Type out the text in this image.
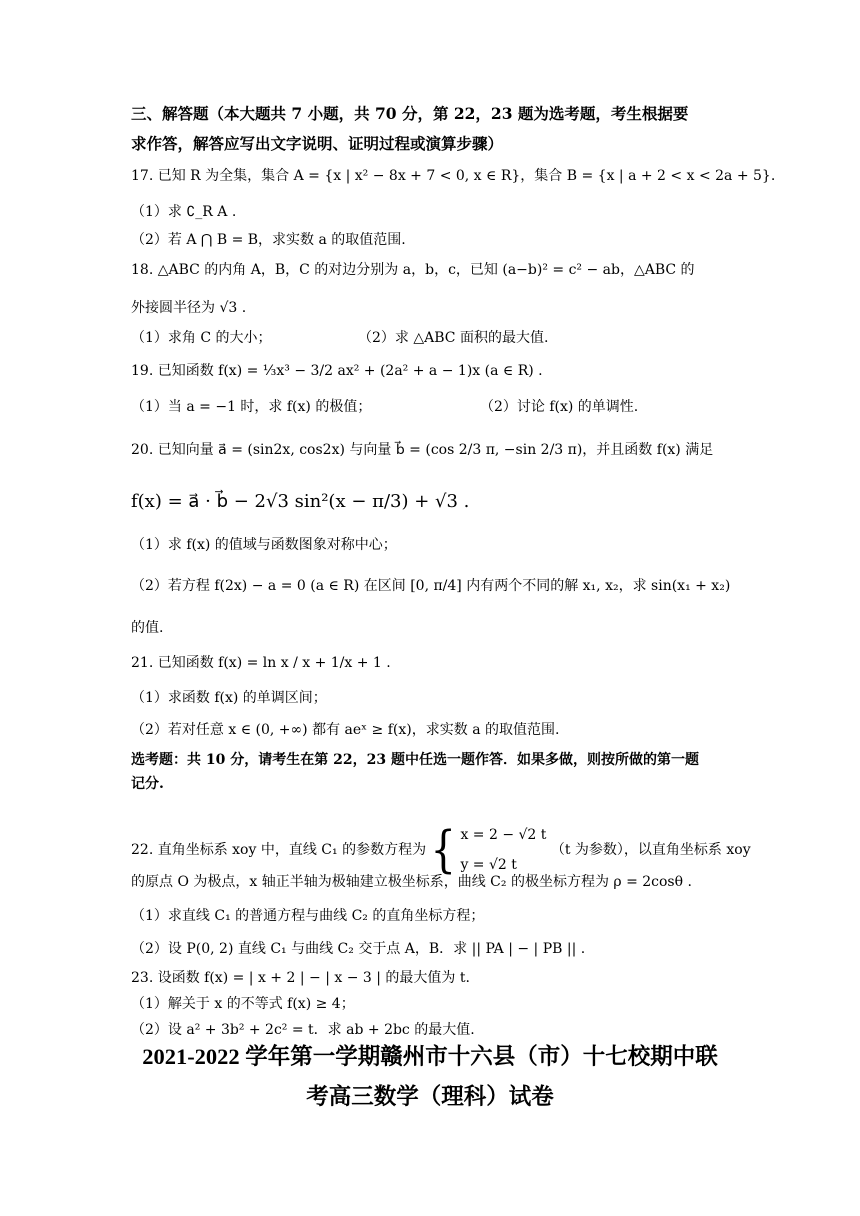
三、解答题（本大题共 7 小题，共 70 分，第 22，23 题为选考题，考生根据要
求作答，解答应写出文字说明、证明过程或演算步骤）
17. 已知 R 为全集，集合 A = {x | x² − 8x + 7 < 0, x ∈ R}，集合 B = {x | a + 2 < x < 2a + 5}.
（1）求 ∁_R A .
（2）若 A ⋂ B = B，求实数 a 的取值范围.
18. △ABC 的内角 A，B，C 的对边分别为 a，b，c，已知 (a−b)² = c² − ab，△ABC 的
外接圆半径为 √3 .
（1）求角 C 的大小；	（2）求 △ABC 面积的最大值.
19. 已知函数 f(x) = ⅓x³ − 3/2 ax² + (2a² + a − 1)x (a ∈ R) .
（1）当 a = −1 时，求 f(x) 的极值；	（2）讨论 f(x) 的单调性.
20. 已知向量 a⃗ = (sin2x, cos2x) 与向量 b⃗ = (cos 2/3 π, −sin 2/3 π)，并且函数 f(x) 满足
f(x) = a⃗ · b⃗ − 2√3 sin²(x − π/3) + √3 .
（1）求 f(x) 的值域与函数图象对称中心；
（2）若方程 f(2x) − a = 0 (a ∈ R) 在区间 [0, π/4] 内有两个不同的解 x₁, x₂，求 sin(x₁ + x₂)
的值.
21. 已知函数 f(x) = ln x / x + 1/x + 1 .
（1）求函数 f(x) 的单调区间；
（2）若对任意 x ∈ (0, +∞) 都有 aeˣ ≥ f(x)，求实数 a 的取值范围.
选考题：共 10 分，请考生在第 22，23 题中任选一题作答．如果多做，则按所做的第一题
记分.
22. 直角坐标系 xoy 中，直线 C₁ 的参数方程为 { x = 2 − √2 t
y = √2 t
（t 为参数），以直角坐标系 xoy
的原点 O 为极点，x 轴正半轴为极轴建立极坐标系，曲线 C₂ 的极坐标方程为 ρ = 2cosθ .
（1）求直线 C₁ 的普通方程与曲线 C₂ 的直角坐标方程；
（2）设 P(0, 2) 直线 C₁ 与曲线 C₂ 交于点 A，B．求 || PA | − | PB || .
23. 设函数 f(x) = | x + 2 | − | x − 3 | 的最大值为 t.
（1）解关于 x 的不等式 f(x) ≥ 4；
（2）设 a² + 3b² + 2c² = t．求 ab + 2bc 的最大值.
2021-2022 学年第一学期赣州市十六县（市）十七校期中联
考高三数学（理科）试卷
